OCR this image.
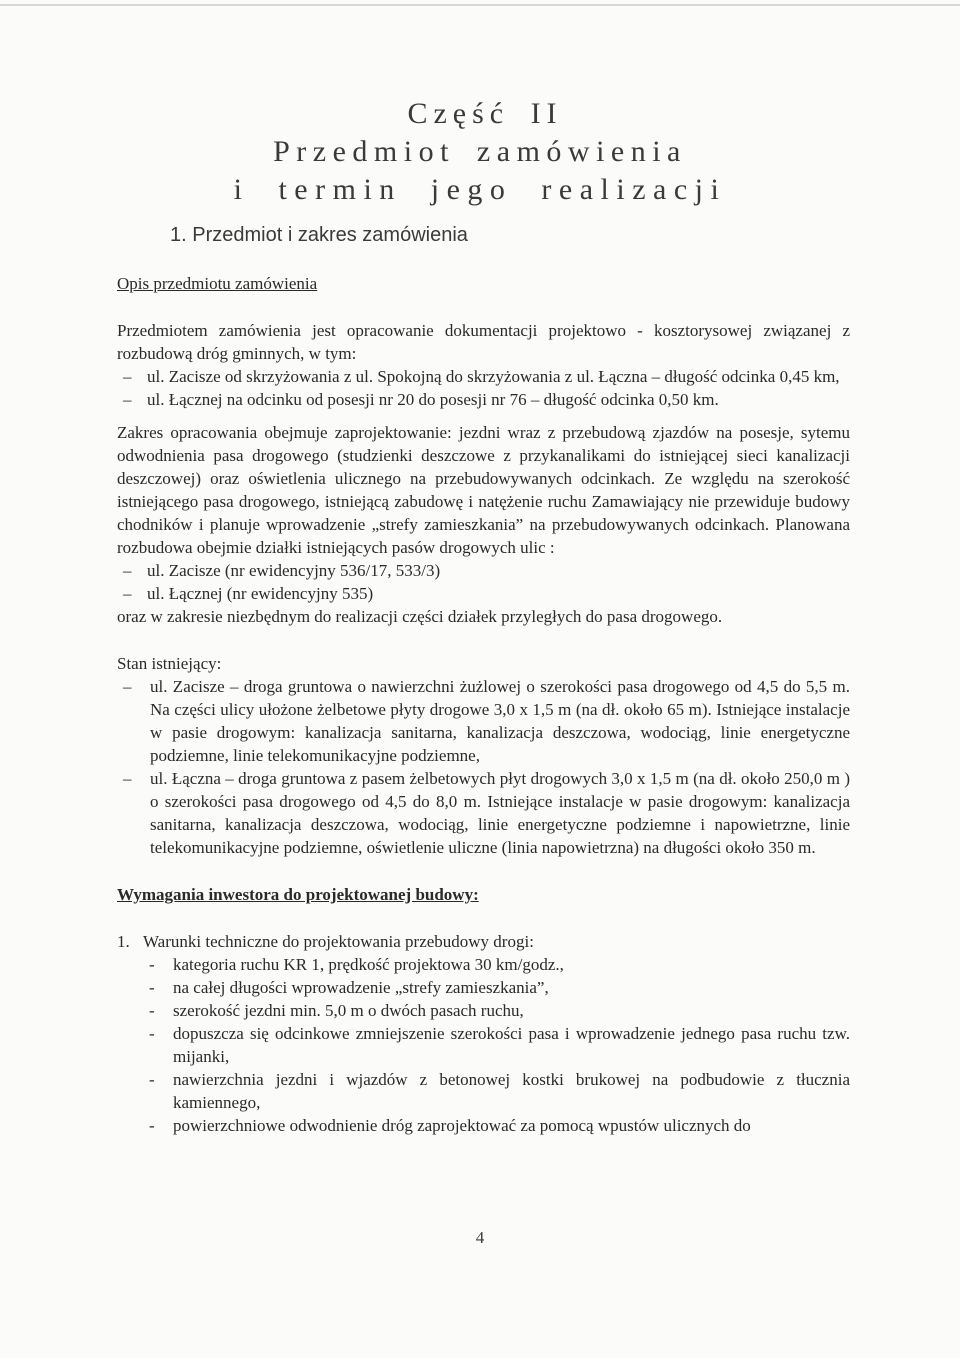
Część II
Przedmiot zamówienia
i termin jego realizacji
1. Przedmiot i zakres zamówienia
Opis przedmiotu zamówienia

Przedmiotem zamówienia jest opracowanie dokumentacji projektowo - kosztorysowej związanej z rozbudową dróg gminnych, w tym:

– ul. Zacisze od skrzyżowania z ul. Spokojną do skrzyżowania z ul. Łączna – długość odcinka 0,45 km,
– ul. Łącznej na odcinku od posesji nr 20 do posesji nr 76 – długość odcinka 0,50 km.

Zakres opracowania obejmuje zaprojektowanie: jezdni wraz z przebudową zjazdów na posesje, sytemu odwodnienia pasa drogowego (studzienki deszczowe z przykanalikami do istniejącej sieci kanalizacji deszczowej) oraz oświetlenia ulicznego na przebudowywanych odcinkach. Ze względu na szerokość istniejącego pasa drogowego, istniejącą zabudowę i natężenie ruchu Zamawiający nie przewiduje budowy chodników i planuje wprowadzenie „strefy zamieszkania” na przebudowywanych odcinkach. Planowana rozbudowa obejmie działki istniejących pasów drogowych ulic :

– ul. Zacisze (nr ewidencyjny 536/17, 533/3)
– ul. Łącznej (nr ewidencyjny 535)

oraz w zakresie niezbędnym do realizacji części działek przyległych do pasa drogowego.

Stan istniejący:

– ul. Zacisze – droga gruntowa o nawierzchni żużlowej o szerokości pasa drogowego od 4,5 do 5,5 m. Na części ulicy ułożone żelbetowe płyty drogowe 3,0 x 1,5 m (na dł. około 65 m). Istniejące instalacje w pasie drogowym: kanalizacja sanitarna, kanalizacja deszczowa, wodociąg, linie energetyczne podziemne, linie telekomunikacyjne podziemne,
– ul. Łączna – droga gruntowa z pasem żelbetowych płyt drogowych 3,0 x 1,5 m (na dł. około 250,0 m ) o szerokości pasa drogowego od 4,5 do 8,0 m. Istniejące instalacje w pasie drogowym: kanalizacja sanitarna, kanalizacja deszczowa, wodociąg, linie energetyczne podziemne i napowietrzne, linie telekomunikacyjne podziemne, oświetlenie uliczne (linia napowietrzna) na długości około 350 m.
Wymagania inwestora do projektowanej budowy:
1. Warunki techniczne do projektowania przebudowy drogi:
- kategoria ruchu KR 1, prędkość projektowa 30 km/godz.,
- na całej długości wprowadzenie „strefy zamieszkania”,
- szerokość jezdni min. 5,0 m o dwóch pasach ruchu,
- dopuszcza się odcinkowe zmniejszenie szerokości pasa i wprowadzenie jednego pasa ruchu tzw. mijanki,
- nawierzchnia jezdni i wjazdów z betonowej kostki brukowej na podbudowie z tłucznia kamiennego,
- powierzchniowe odwodnienie dróg zaprojektować za pomocą wpustów ulicznych do
4
